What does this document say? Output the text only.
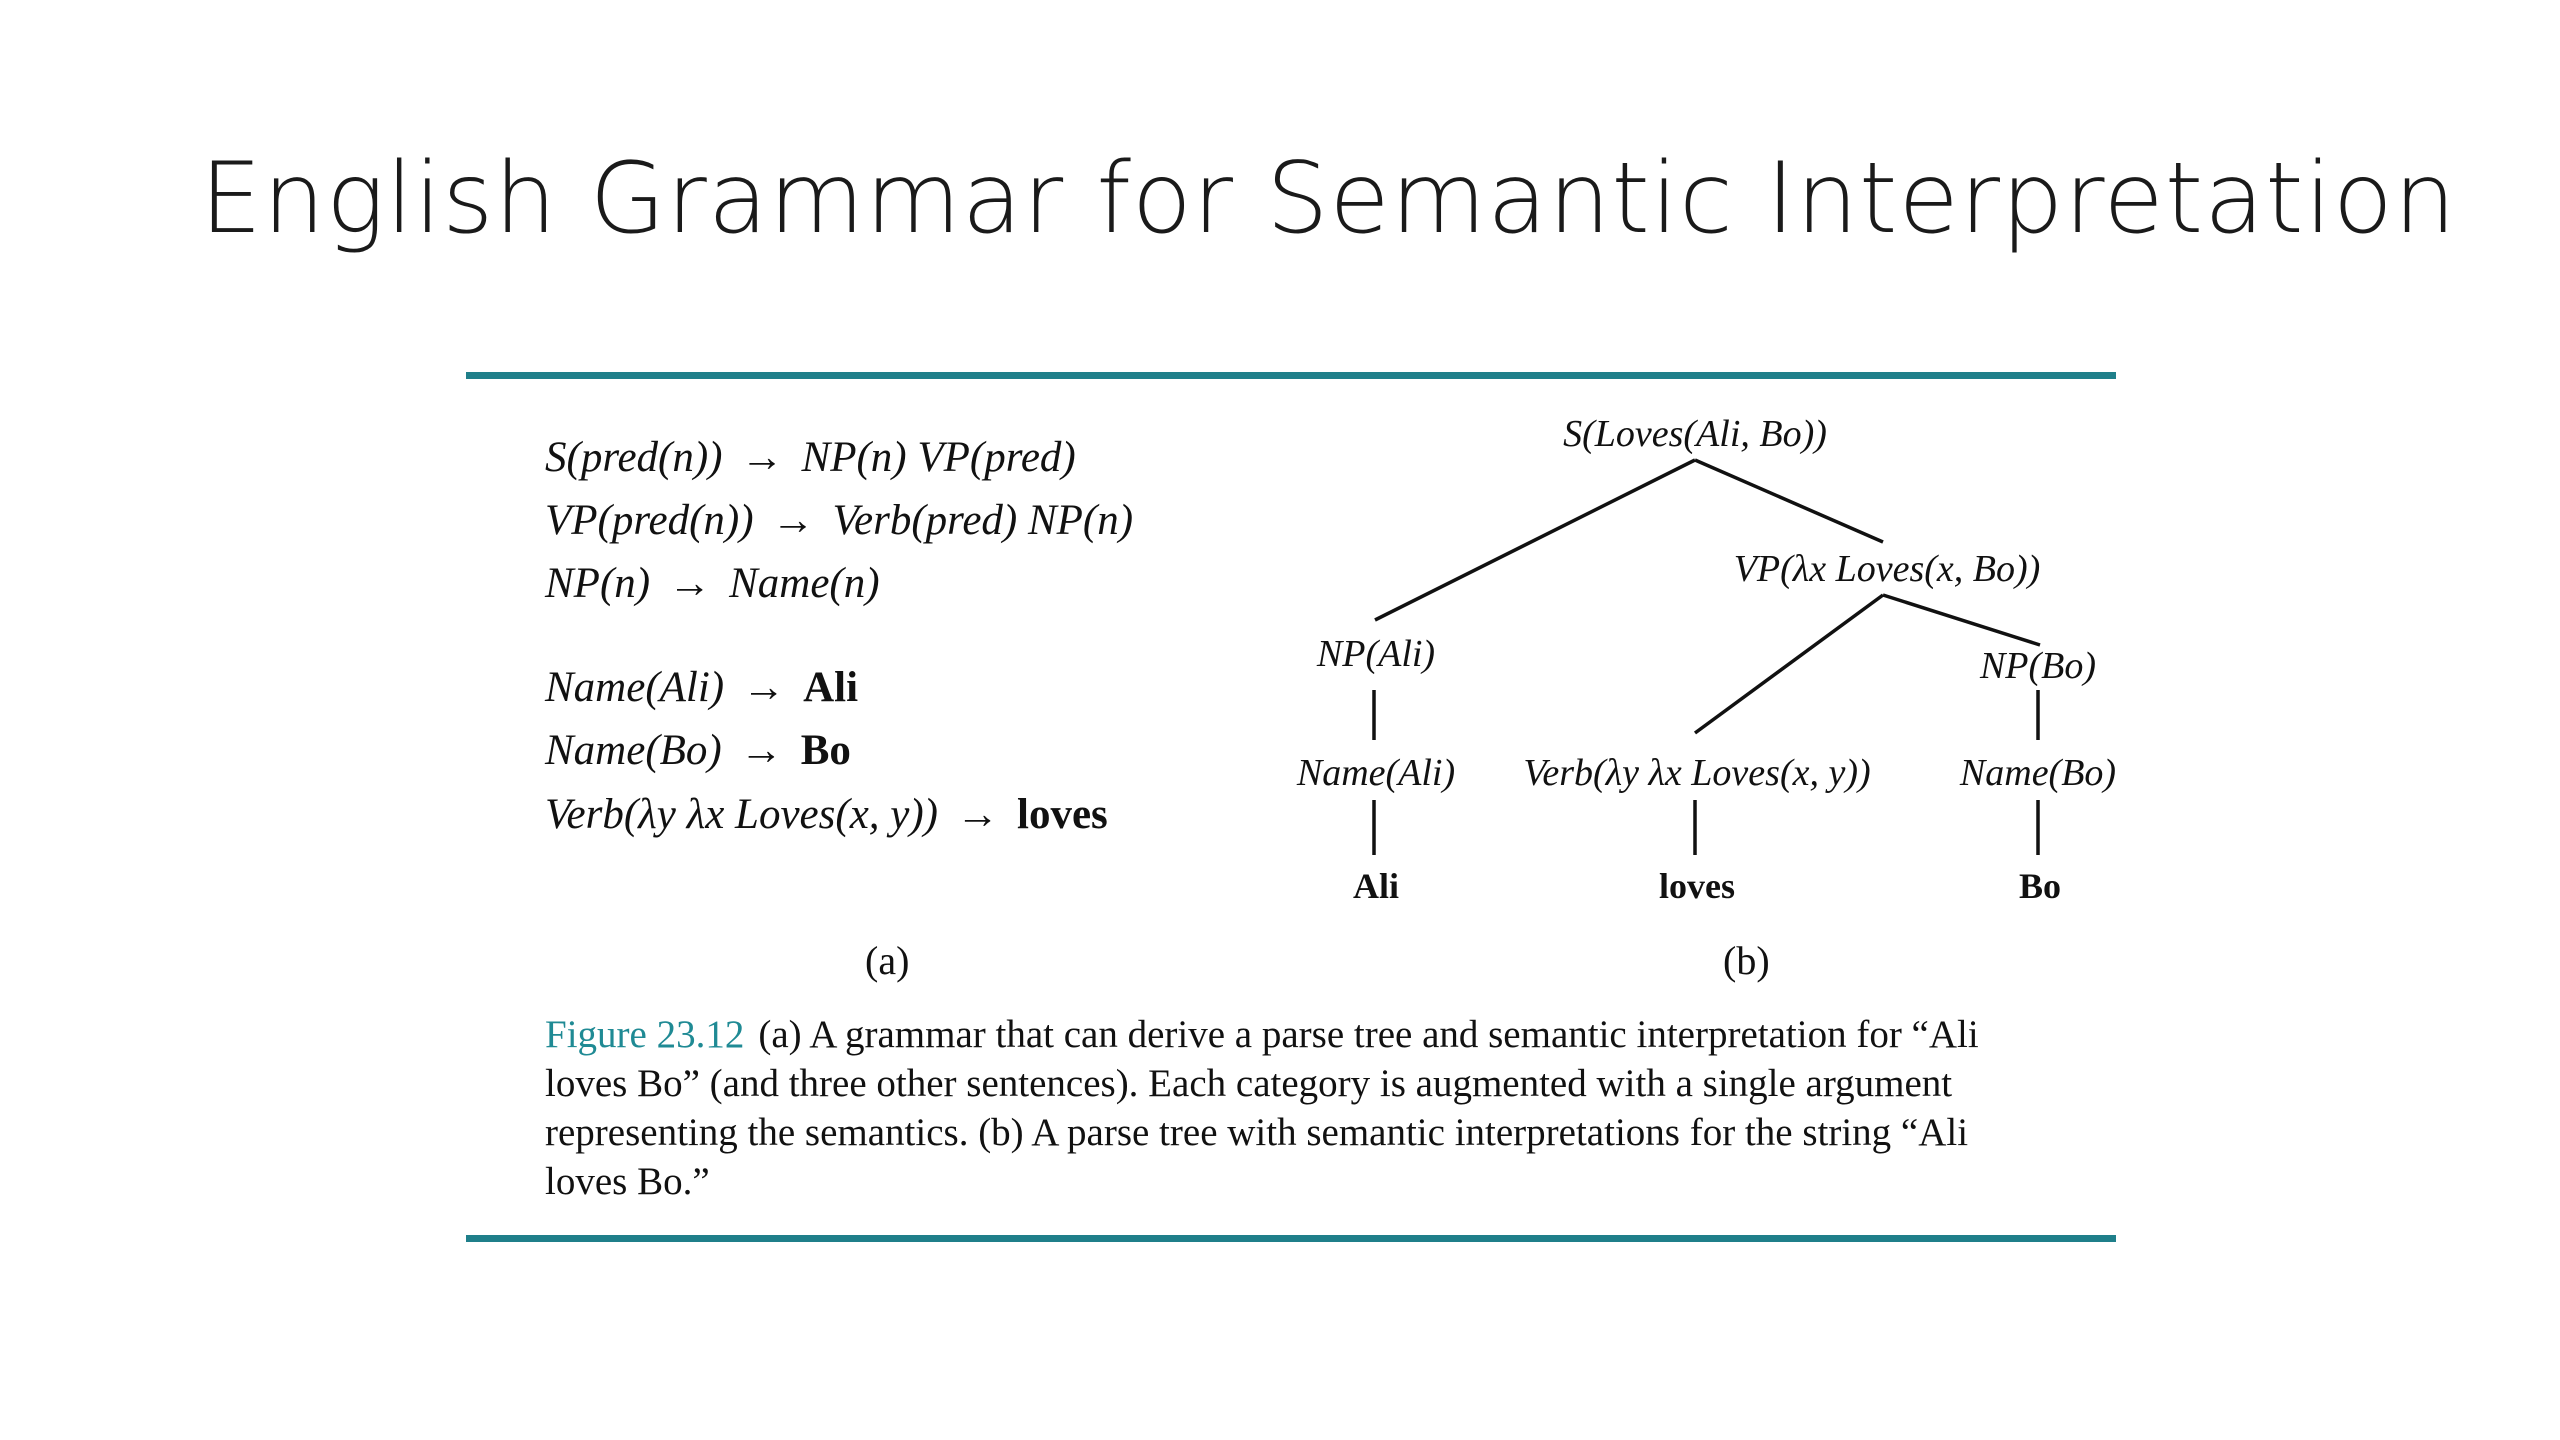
English Grammar for Semantic Interpretation
S(pred(n)) → NP(n) VP(pred)
VP(pred(n)) → Verb(pred) NP(n)
NP(n) → Name(n)
Name(Ali) → Ali
Name(Bo) → Bo
Verb(λy λx Loves(x, y)) → loves
S(Loves(Ali, Bo))
VP(λx Loves(x, Bo))
NP(Ali)	NP(Bo)
Name(Ali) Verb(λy λx Loves(x, y)) Name(Bo)
Ali	loves	Bo
(a)	(b)
Figure 23.12 (a) A grammar that can derive a parse tree and semantic interpretation for “Ali
loves Bo” (and three other sentences). Each category is augmented with a single argument
representing the semantics. (b) A parse tree with semantic interpretations for the string “Ali
loves Bo.”
